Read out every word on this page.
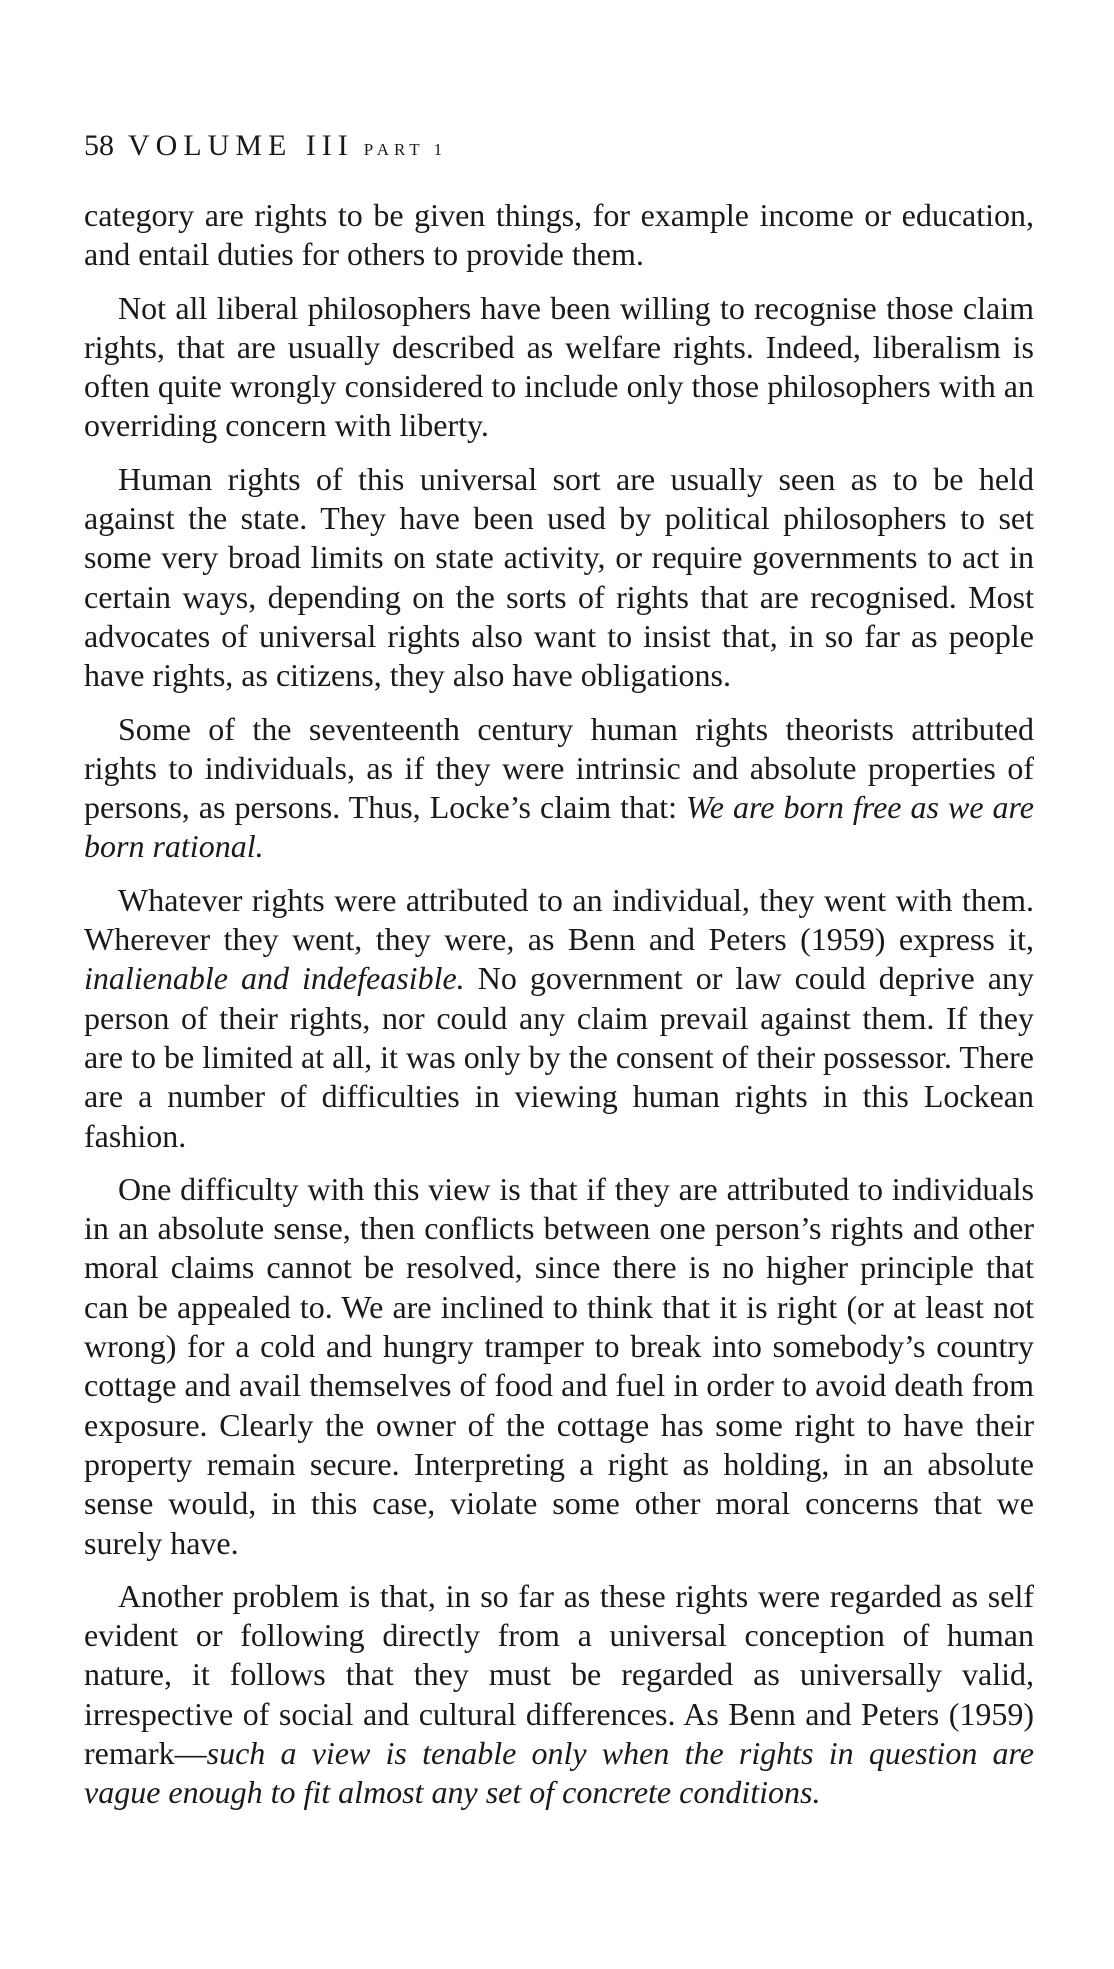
58 VOLUME III PART 1

category are rights to be given things, for example income or education, and entail duties for others to provide them.

Not all liberal philosophers have been willing to recognise those claim rights, that are usually described as welfare rights. Indeed, liberalism is often quite wrongly considered to include only those philosophers with an overriding concern with liberty.

Human rights of this universal sort are usually seen as to be held against the state. They have been used by political philosophers to set some very broad limits on state activity, or require governments to act in certain ways, depending on the sorts of rights that are recognised. Most advocates of universal rights also want to insist that, in so far as people have rights, as citizens, they also have obligations.

Some of the seventeenth century human rights theorists attributed rights to individuals, as if they were intrinsic and absolute properties of persons, as persons. Thus, Locke’s claim that: We are born free as we are born rational.

Whatever rights were attributed to an individual, they went with them. Wherever they went, they were, as Benn and Peters (1959) express it, inalienable and indefeasible. No government or law could deprive any person of their rights, nor could any claim prevail against them. If they are to be limited at all, it was only by the consent of their possessor. There are a number of difficulties in viewing human rights in this Lockean fashion.

One difficulty with this view is that if they are attributed to individuals in an absolute sense, then conflicts between one person’s rights and other moral claims cannot be resolved, since there is no higher principle that can be appealed to. We are inclined to think that it is right (or at least not wrong) for a cold and hungry tramper to break into somebody’s country cottage and avail themselves of food and fuel in order to avoid death from exposure. Clearly the owner of the cottage has some right to have their property remain secure. Interpreting a right as holding, in an absolute sense would, in this case, violate some other moral concerns that we surely have.

Another problem is that, in so far as these rights were regarded as self evident or following directly from a universal conception of human nature, it follows that they must be regarded as universally valid, irrespective of social and cultural differences. As Benn and Peters (1959) remark—such a view is tenable only when the rights in question are vague enough to fit almost any set of concrete conditions.
